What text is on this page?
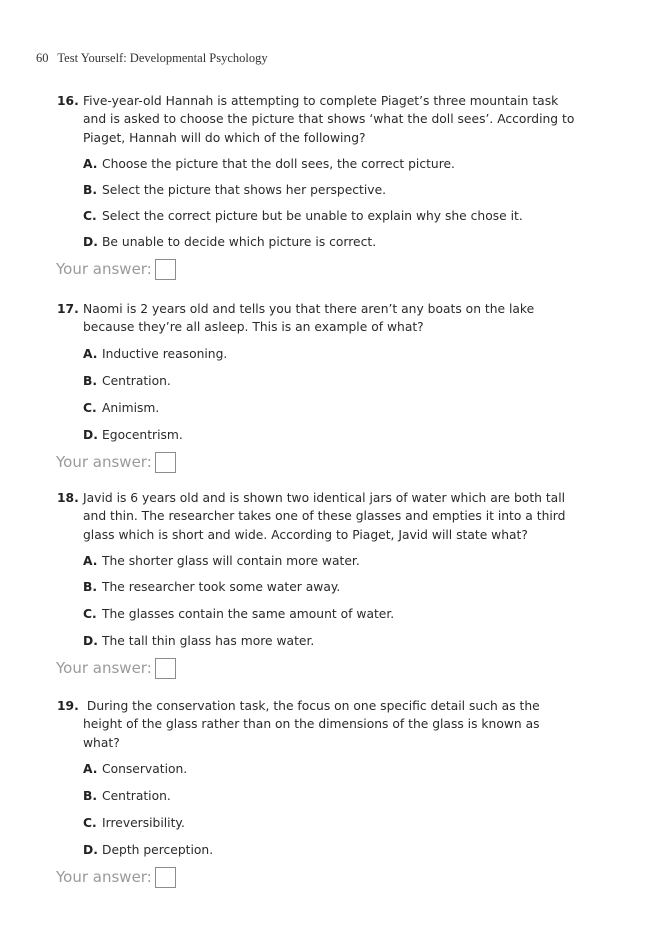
60 Test Yourself: Developmental Psychology
16. Five-year-old Hannah is attempting to complete Piaget’s three mountain task and is asked to choose the picture that shows ‘what the doll sees’. According to Piaget, Hannah will do which of the following?
A. Choose the picture that the doll sees, the correct picture.
B. Select the picture that shows her perspective.
C. Select the correct picture but be unable to explain why she chose it.
D. Be unable to decide which picture is correct.
Your answer:
17. Naomi is 2 years old and tells you that there aren’t any boats on the lake because they’re all asleep. This is an example of what?
A. Inductive reasoning.
B. Centration.
C. Animism.
D. Egocentrism.
Your answer:
18. Javid is 6 years old and is shown two identical jars of water which are both tall and thin. The researcher takes one of these glasses and empties it into a third glass which is short and wide. According to Piaget, Javid will state what?
A. The shorter glass will contain more water.
B. The researcher took some water away.
C. The glasses contain the same amount of water.
D. The tall thin glass has more water.
Your answer:
19. During the conservation task, the focus on one specific detail such as the height of the glass rather than on the dimensions of the glass is known as what?
A. Conservation.
B. Centration.
C. Irreversibility.
D. Depth perception.
Your answer:
